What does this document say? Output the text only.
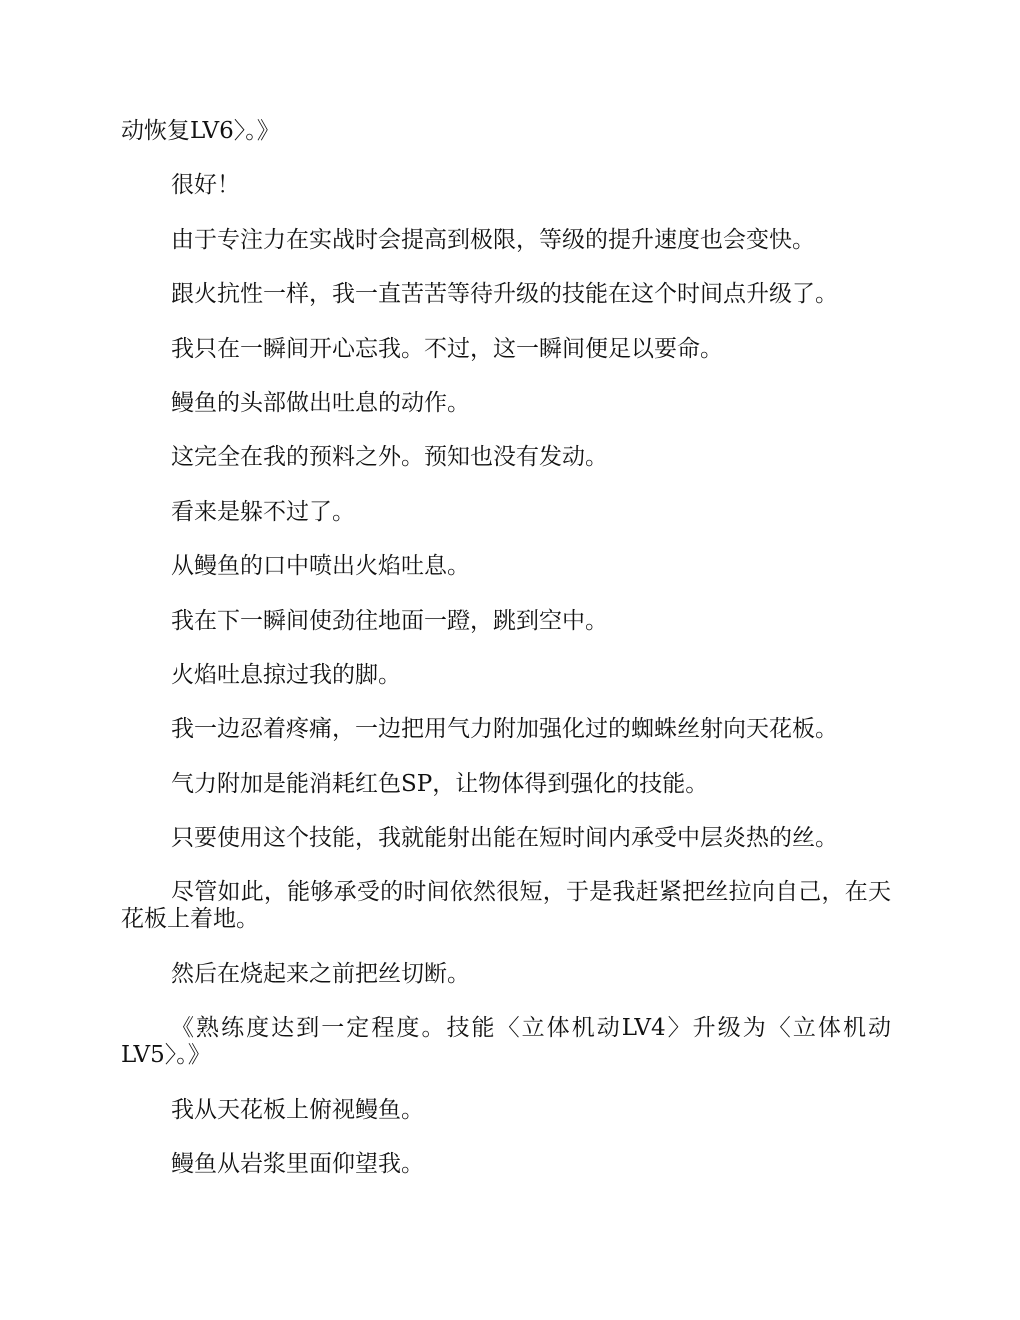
动恢复LV6〉。》

很好！

由于专注力在实战时会提高到极限，等级的提升速度也会变快。

跟火抗性一样，我一直苦苦等待升级的技能在这个时间点升级了。

我只在一瞬间开心忘我。不过，这一瞬间便足以要命。

鳗鱼的头部做出吐息的动作。

这完全在我的预料之外。预知也没有发动。

看来是躲不过了。

从鳗鱼的口中喷出火焰吐息。

我在下一瞬间使劲往地面一蹬，跳到空中。

火焰吐息掠过我的脚。

我一边忍着疼痛，一边把用气力附加强化过的蜘蛛丝射向天花板。

气力附加是能消耗红色SP，让物体得到强化的技能。

只要使用这个技能，我就能射出能在短时间内承受中层炎热的丝。

尽管如此，能够承受的时间依然很短，于是我赶紧把丝拉向自己，在天花板上着地。

然后在烧起来之前把丝切断。

《熟练度达到一定程度。技能〈立体机动LV4〉升级为〈立体机动LV5〉。》

我从天花板上俯视鳗鱼。

鳗鱼从岩浆里面仰望我。
